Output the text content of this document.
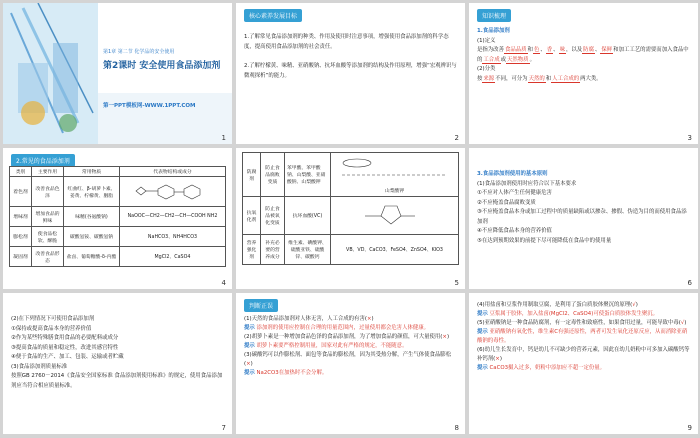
第1章 第二节 化学品的安全使用
第2课时 安全使用食品添加剂
第一PPT模板网-WWW.1PPT.COM
1
核心素养发展目标
1.了解常见食品添加剂的种类、作用及使用时注意事项，增强使用食品添加剂的科学态度，提高使用食品添加剂的社会责任。
2.了解柠檬黄、味精、亚硝酸钠、抗坏血酸等添加剂的结构及作用原理，增强“宏观辨识与微观探析”的能力。
2
知识梳理
1.食品添加剂
(1)定义
是指为改善食品品质和色、香、味，以及防腐、保鲜和加工工艺的需要而加入食品中的工合成或天然物质。
(2)分类
按来源不同，可分为天然的和人工合成的两大类。
3
2.常见的食品添加剂
类别	主要作用	常用物质	代表物结构或成分
着色剂	改善食品色泽	红曲红、β-胡萝卜素、姜黄、柠檬黄、胭脂	
增味剂	增加食品的鲜味	味精(谷氨酸钠)	NaOOC—CH2—CH2—CH—COOH NH2
膨松剂	使食品松软、酥脆	碳酸氢铵、碳酸氢钠	NaHCO3、NH4HCO3
凝固剂	改善食品形态	盐卤、葡萄糖酸-δ-内酯	MgCl2、CaSO4
4
防腐剂	防止食品腐败变质	苯甲酸、苯甲酸钠、山梨酸、亚硝酸钠、山梨酸钾	山梨酸钾

抗氧化剂	防止食品被氧化变质	抗坏血酸(VC)	
营养强化剂	补充必要的营养成分	维生素、碘酸钾、硫酸亚铁、硫酸锌、碳酸钙	VB、VD、CaCO3、FeSO4、ZnSO4、KIO3
5
3.食品添加剂使用的基本原则
(1)食品添加剂使用时应符合以下基本要求
①不应对人体产生任何健康危害
②不应掩盖食品腐败变质
③不应掩盖食品本身或加工过程中的质量缺陷或以掺杂、掺假、伪造为目的而使用食品添加剂
④不应降低食品本身的营养价值
⑤在达到预期效果的前提下尽可能降低在食品中的使用量
6
(2)在下列情况下可使用食品添加剂
①保持或提高食品本身的营养价值
②作为某些特殊膳食用食品的必要配料或成分
③提高食品的质量和稳定性，改进其感官特性
④便于食品的生产、加工、包装、运输或者贮藏
(3)食品添加剂质量标准
按照GB 2760－2014《食品安全国家标准 食品添加剂使用标准》的规定，使用食品添加剂应当符合相应质量标准。
7
判断正误
(1)天然的食品添加剂对人体无害，人工合成的有害(×)
提示 添加剂的使用应控制在合理的用量范围内，过量使用都会危害人体健康。
(2)胡萝卜素是一种增加食品色泽的食品添加剂，为了增加食品的颜值，可大量使用(×)
提示 胡萝卜素要严格控制用量，国家对此有严格的规定，不能随意。
(3)碳酸钙可以作膨松剂、面包等食品的膨松剂，因为其受热分解，产生气体使食品膨松(×)
提示 Na2CO3在加热时不会分解。
8
(4)用盐卤和豆浆作用制取豆腐，是利用了蛋白质胶体聚沉的原理(√)
提示 豆浆属于胶体，加入盐卤(MgCl2、CaSO4)可使蛋白质胶体发生聚沉。
(5)亚硝酸钠是一种食品防腐剂，有一定毒性和致癌性，如果食用过量，可能导致中毒(√)
提示 亚硝酸钠有氧化性，维生素C有强还原性，两者可发生氧化还原反应，从而消除亚硝酸钠的毒性。
(6)幼儿生长发育中，钙是幼儿不可缺少的营养元素，因此在幼儿奶粉中可多加入碳酸钙等补钙剂(×)
提示 CaCO3摄入过多，奶粉中添加应不超一定份量。
9
